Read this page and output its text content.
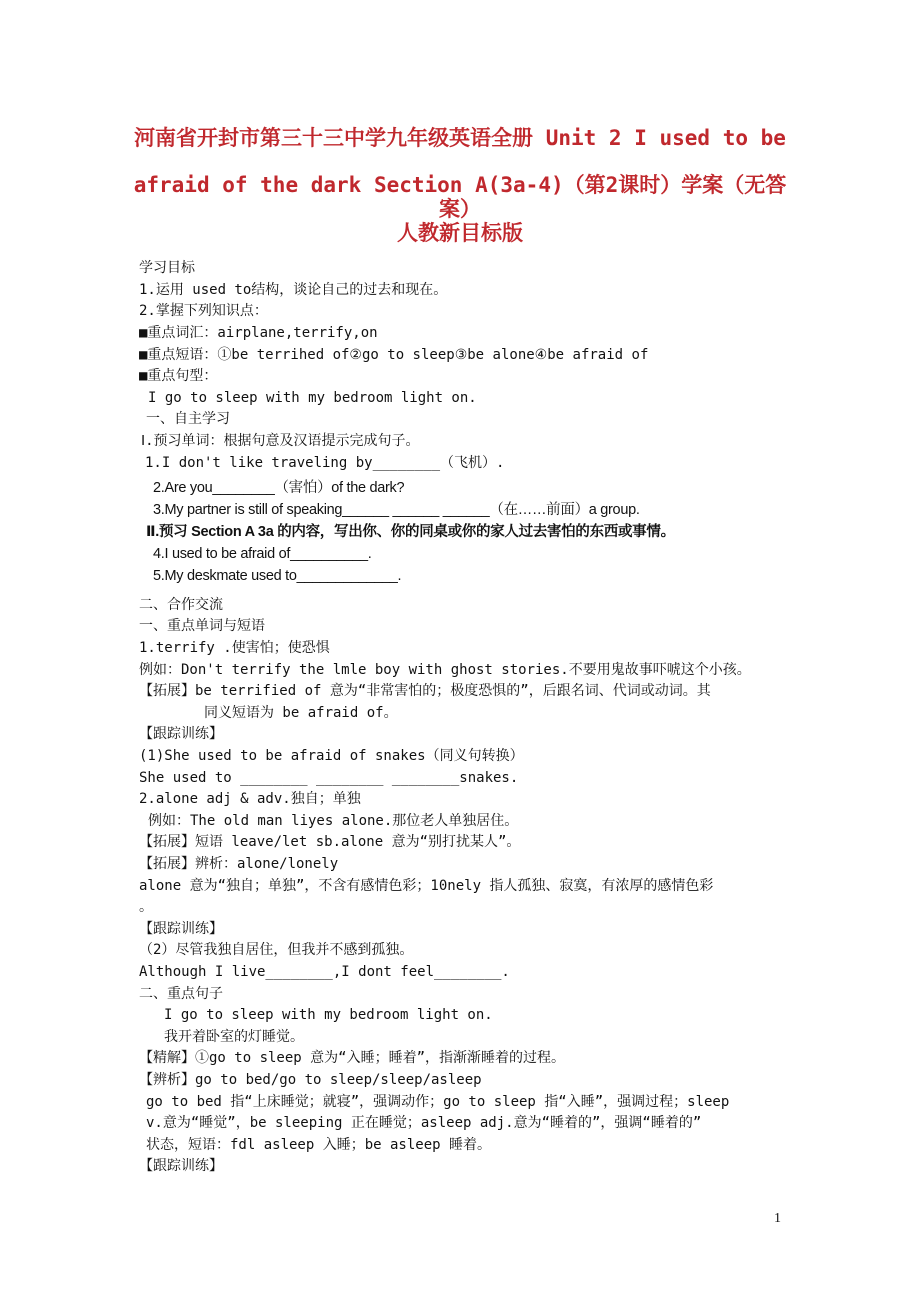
河南省开封市第三十三中学九年级英语全册 Unit 2 I used to be
afraid of the dark Section A(3a-4)（第2课时）学案（无答案）
人教新目标版
学习目标
1.运用 used to结构，谈论自己的过去和现在。
2.掌握下列知识点：
■重点词汇：airplane,terrify,on
■重点短语：①be terrihed of②go to sleep③be alone④be afraid of
■重点句型：
I go to sleep with my bedroom light on.
一、自主学习
Ⅰ.预习单词：根据句意及汉语提示完成句子。
1.I don't like traveling by________（飞机）.
2.Are you________（害怕）of the dark?
3.My partner is still of speaking______ ______ ______（在……前面）a group.
Ⅱ.预习 Section A 3a 的内容，写出你、你的同桌或你的家人过去害怕的东西或事情。
4.I used to be afraid of__________.
5.My deskmate used to_____________.
二、合作交流
一、重点单词与短语
1.terrify .使害怕；使恐惧
例如：Don't terrify the lmle boy with ghost stories.不要用鬼故事吓唬这个小孩。
【拓展】be terrified of 意为“非常害怕的；极度恐惧的”，后跟名词、代词或动词。其
同义短语为 be afraid of。
【跟踪训练】
(1)She used to be afraid of snakes（同义句转换）
She used to ________ ________ ________snakes.
2.alone adj & adv.独自；单独
例如：The old man liyes alone.那位老人单独居住。
【拓展】短语 leave/let sb.alone 意为“别打扰某人”。
【拓展】辨析：alone/lonely
alone 意为“独自；单独”，不含有感情色彩；10nely 指人孤独、寂寞，有浓厚的感情色彩
。
【跟踪训练】
（2）尽管我独自居住，但我并不感到孤独。
Although I live________,I dont feel________.
二、重点句子
I go to sleep with my bedroom light on.
我开着卧室的灯睡觉。
【精解】①go to sleep 意为“入睡；睡着”，指渐渐睡着的过程。
【辨析】go to bed/go to sleep/sleep/asleep
go to bed 指“上床睡觉；就寝”，强调动作；go to sleep 指“入睡”，强调过程；sleep
v.意为“睡觉”，be sleeping 正在睡觉；asleep adj.意为“睡着的”，强调“睡着的”
状态，短语：fdl asleep 入睡；be asleep 睡着。
【跟踪训练】
1
